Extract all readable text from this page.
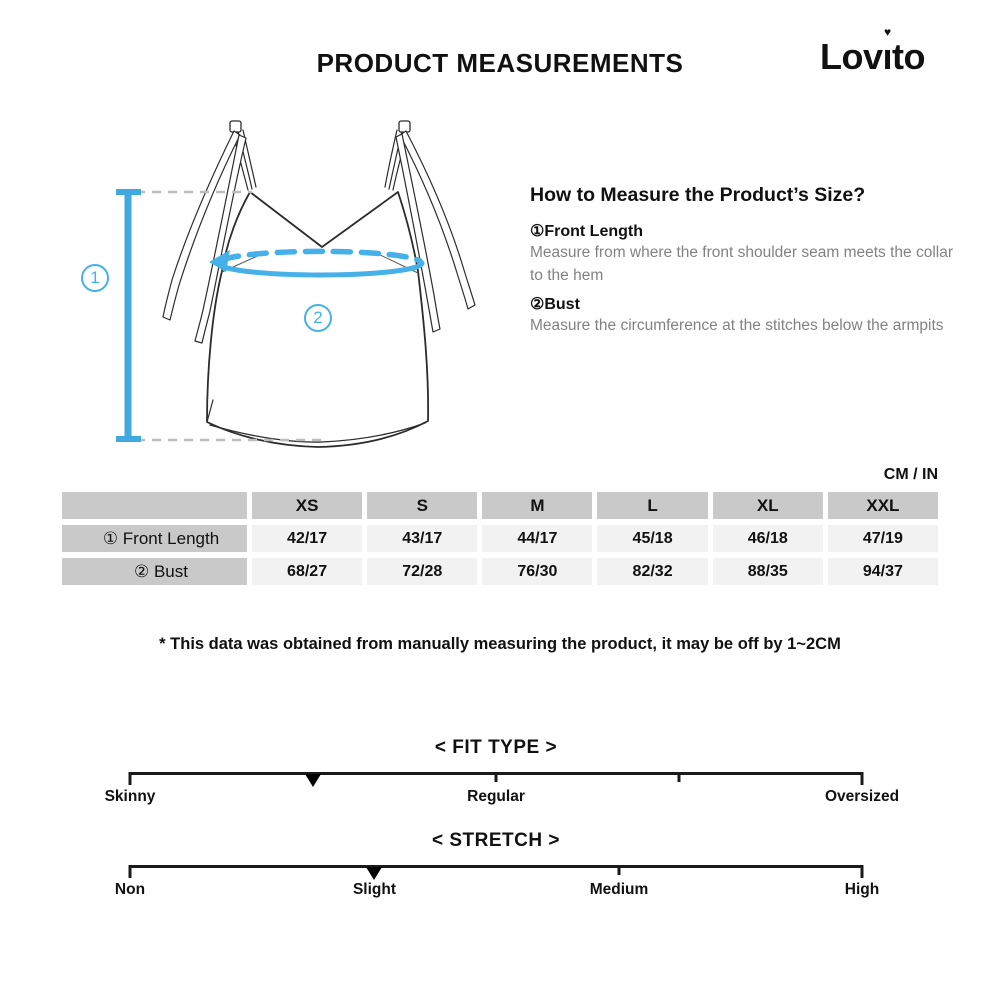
PRODUCT MEASUREMENTS	Lovı
♥
to
1
2
How to Measure the Product’s Size?
①Front Length
Measure from where the front shoulder seam meets the collar to the hem
②Bust
Measure the circumference at the stitches below the armpits
CM / IN
XS	S	M	L	XL	XXL
① Front Length	42/17	43/17	44/17	45/18	46/18	47/19
② Bust	68/27	72/28	76/30	82/32	88/35	94/37
* This data was obtained from manually measuring the product, it may be off by 1~2CM
< FIT TYPE >
Skinny	Regular	Oversized
< STRETCH >
Non	Slight	Medium	High
